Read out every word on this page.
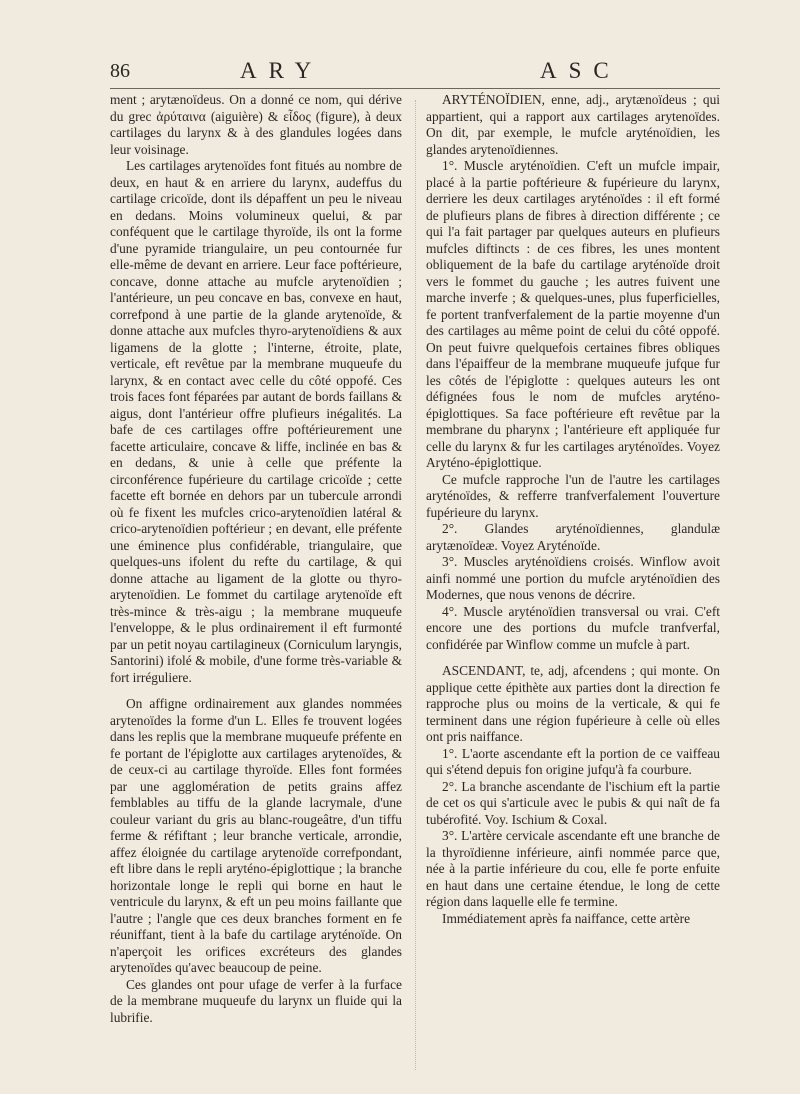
86	ARY	ASC

ment ; arytænoïdeus. On a donné ce nom, qui dérive du grec ἀρύταινα (aiguière) & εἶδος (figure), à deux cartilages du larynx & à des glandules logées dans leur voisinage.

Les cartilages arytenoïdes font fitués au nombre de deux, en haut & en arriere du larynx, audeffus du cartilage cricoïde, dont ils dépaffent un peu le niveau en dedans. Moins volumineux quelui, & par conféquent que le cartilage thyroïde, ils ont la forme d'une pyramide triangulaire, un peu contournée fur elle-même de devant en arriere. Leur face poftérieure, concave, donne attache au mufcle arytenoïdien ; l'antérieure, un peu concave en bas, convexe en haut, correfpond à une partie de la glande arytenoïde, & donne attache aux mufcles thyro-arytenoïdiens & aux ligamens de la glotte ; l'interne, étroite, plate, verticale, eft revêtue par la membrane muqueufe du larynx, & en contact avec celle du côté oppofé. Ces trois faces font féparées par autant de bords faillans & aigus, dont l'antérieur offre plufieurs inégalités. La bafe de ces cartilages offre poftérieurement une facette articulaire, concave & liffe, inclinée en bas & en dedans, & unie à celle que préfente la circonférence fupérieure du cartilage cricoïde ; cette facette eft bornée en dehors par un tubercule arrondi où fe fixent les mufcles crico-arytenoïdien latéral & crico-arytenoïdien poftérieur ; en devant, elle préfente une éminence plus confidérable, triangulaire, que quelques-uns ifolent du refte du cartilage, & qui donne attache au ligament de la glotte ou thyro-arytenoïdien. Le fommet du cartilage arytenoïde eft très-mince & très-aigu ; la membrane muqueufe l'enveloppe, & le plus ordinairement il eft furmonté par un petit noyau cartilagineux (Corniculum laryngis, Santorini) ifolé & mobile, d'une forme très-variable & fort irréguliere.

On affigne ordinairement aux glandes nommées arytenoïdes la forme d'un L. Elles fe trouvent logées dans les replis que la membrane muqueufe préfente en fe portant de l'épiglotte aux cartilages arytenoïdes, & de ceux-ci au cartilage thyroïde. Elles font formées par une agglomération de petits grains affez femblables au tiffu de la glande lacrymale, d'une couleur variant du gris au blanc-rougeâtre, d'un tiffu ferme & réfiftant ; leur branche verticale, arrondie, affez éloignée du cartilage arytenoïde correfpondant, eft libre dans le repli aryténo-épiglottique ; la branche horizontale longe le repli qui borne en haut le ventricule du larynx, & eft un peu moins faillante que l'autre ; l'angle que ces deux branches forment en fe réuniffant, tient à la bafe du cartilage aryténoïde. On n'aperçoit les orifices excréteurs des glandes arytenoïdes qu'avec beaucoup de peine.

Ces glandes ont pour ufage de verfer à la furface de la membrane muqueufe du larynx un fluide qui la lubrifie.

ARYTÉNOÏDIEN, enne, adj., arytænoïdeus ; qui appartient, qui a rapport aux cartilages arytenoïdes. On dit, par exemple, le mufcle aryténoïdien, les glandes arytenoïdiennes.

1°. Muscle aryténoïdien. C'eft un mufcle impair, placé à la partie poftérieure & fupérieure du larynx, derriere les deux cartilages aryténoïdes : il eft formé de plufieurs plans de fibres à direction différente ; ce qui l'a fait partager par quelques auteurs en plufieurs mufcles diftincts : de ces fibres, les unes montent obliquement de la bafe du cartilage aryténoïde droit vers le fommet du gauche ; les autres fuivent une marche inverfe ; & quelques-unes, plus fuperficielles, fe portent tranfverfalement de la partie moyenne d'un des cartilages au même point de celui du côté oppofé. On peut fuivre quelquefois certaines fibres obliques dans l'épaiffeur de la membrane muqueufe jufque fur les côtés de l'épiglotte : quelques auteurs les ont défignées fous le nom de mufcles aryténo-épiglottiques. Sa face poftérieure eft revêtue par la membrane du pharynx ; l'antérieure eft appliquée fur celle du larynx & fur les cartilages aryténoïdes. Voyez Aryténo-épiglottique.

Ce mufcle rapproche l'un de l'autre les cartilages aryténoïdes, & refferre tranfverfalement l'ouverture fupérieure du larynx.

2°. Glandes aryténoïdiennes, glandulæ arytænoïdeæ. Voyez Aryténoïde.

3°. Muscles aryténoïdiens croisés. Winflow avoit ainfi nommé une portion du mufcle aryténoïdien des Modernes, que nous venons de décrire.

4°. Muscle aryténoïdien transversal ou vrai. C'eft encore une des portions du mufcle tranfverfal, confidérée par Winflow comme un mufcle à part.

ASCENDANT, te, adj, afcendens ; qui monte. On applique cette épithète aux parties dont la direction fe rapproche plus ou moins de la verticale, & qui fe terminent dans une région fupérieure à celle où elles ont pris naiffance.

1°. L'aorte ascendante eft la portion de ce vaiffeau qui s'étend depuis fon origine jufqu'à fa courbure.

2°. La branche ascendante de l'ischium eft la partie de cet os qui s'articule avec le pubis & qui naît de fa tubérofité. Voy. Ischium & Coxal.

3°. L'artère cervicale ascendante eft une branche de la thyroïdienne inférieure, ainfi nommée parce que, née à la partie inférieure du cou, elle fe porte enfuite en haut dans une certaine étendue, le long de cette région dans laquelle elle fe termine.

Immédiatement après fa naiffance, cette artère
